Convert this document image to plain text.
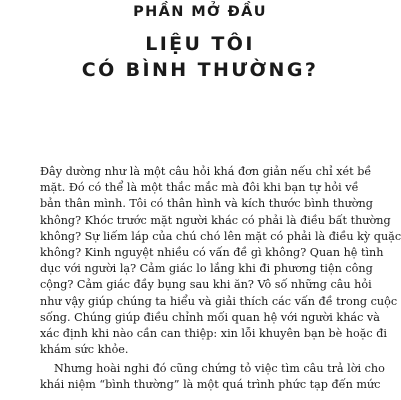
PHẦN MỞ ĐẦU
LIỆU TÔI
CÓ BÌNH THƯỜNG?
Đây dường như là một câu hỏi khá đơn giản nếu chỉ xét bề
mặt. Đó có thể là một thắc mắc mà đôi khi bạn tự hỏi về
bản thân mình. Tôi có thân hình và kích thước bình thường
không? Khóc trước mặt người khác có phải là điều bất thường
không? Sự liếm láp của chú chó lên mặt có phải là điều kỳ quặc
không? Kinh nguyệt nhiều có vấn đề gì không? Quan hệ tình
dục với người lạ? Cảm giác lo lắng khi đi phương tiện công
cộng? Cảm giác đầy bụng sau khi ăn? Vô số những câu hỏi
như vậy giúp chúng ta hiểu và giải thích các vấn đề trong cuộc
sống. Chúng giúp điều chỉnh mối quan hệ với người khác và
xác định khi nào cần can thiệp: xin lỗi khuyên bạn bè hoặc đi
khám sức khỏe.
Nhưng hoài nghi đó cũng chứng tỏ việc tìm câu trả lời cho
khái niệm “bình thường” là một quá trình phức tạp đến mức
